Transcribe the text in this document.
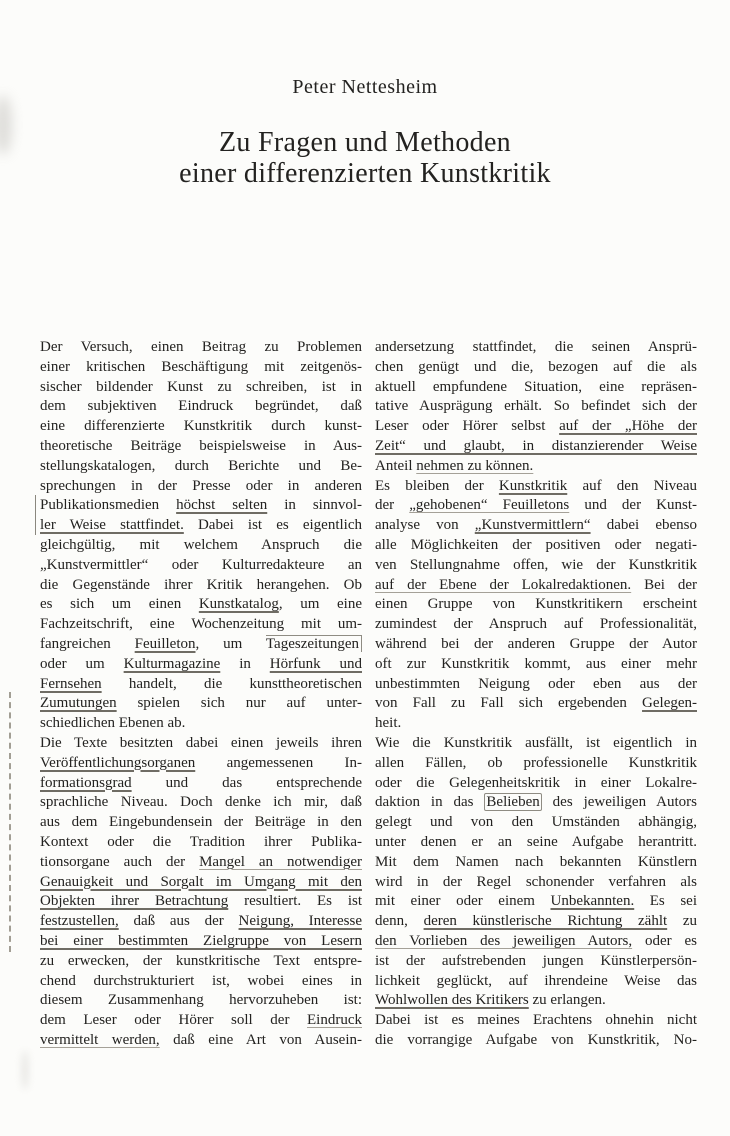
Peter Nettesheim
Zu Fragen und Methoden
einer differenzierten Kunstkritik
Der Versuch, einen Beitrag zu Problemen
einer kritischen Beschäftigung mit zeitgenös-
sischer bildender Kunst zu schreiben, ist in
dem subjektiven Eindruck begründet, daß
eine differenzierte Kunstkritik durch kunst-
theoretische Beiträge beispielsweise in Aus-
stellungskatalogen, durch Berichte und Be-
sprechungen in der Presse oder in anderen
Publikationsmedien höchst selten in sinnvol-
ler Weise stattfindet. Dabei ist es eigentlich
gleichgültig, mit welchem Anspruch die
„Kunstvermittler“ oder Kulturredakteure an
die Gegenstände ihrer Kritik herangehen. Ob
es sich um einen Kunstkatalog, um eine
Fachzeitschrift, eine Wochenzeitung mit um-
fangreichen Feuilleton, um Tageszeitungen
oder um Kulturmagazine in Hörfunk und
Fernsehen handelt, die kunsttheoretischen
Zumutungen spielen sich nur auf unter-
schiedlichen Ebenen ab.
Die Texte besitzten dabei einen jeweils ihren
Veröffentlichungsorganen angemessenen In-
formationsgrad und das entsprechende
sprachliche Niveau. Doch denke ich mir, daß
aus dem Eingebundensein der Beiträge in den
Kontext oder die Tradition ihrer Publika-
tionsorgane auch der Mangel an notwendiger
Genauigkeit und Sorgalt im Umgang mit den
Objekten ihrer Betrachtung resultiert. Es ist
festzustellen, daß aus der Neigung, Interesse
bei einer bestimmten Zielgruppe von Lesern
zu erwecken, der kunstkritische Text entspre-
chend durchstrukturiert ist, wobei eines in
diesem Zusammenhang hervorzuheben ist:
dem Leser oder Hörer soll der Eindruck
vermittelt werden, daß eine Art von Ausein-
andersetzung stattfindet, die seinen Ansprü-
chen genügt und die, bezogen auf die als
aktuell empfundene Situation, eine repräsen-
tative Ausprägung erhält. So befindet sich der
Leser oder Hörer selbst auf der „Höhe der
Zeit“ und glaubt, in distanzierender Weise
Anteil nehmen zu können.
Es bleiben der Kunstkritik auf den Niveau
der „gehobenen“ Feuilletons und der Kunst-
analyse von „Kunstvermittlern“ dabei ebenso
alle Möglichkeiten der positiven oder negati-
ven Stellungnahme offen, wie der Kunstkritik
auf der Ebene der Lokalredaktionen. Bei der
einen Gruppe von Kunstkritikern erscheint
zumindest der Anspruch auf Professionalität,
während bei der anderen Gruppe der Autor
oft zur Kunstkritik kommt, aus einer mehr
unbestimmten Neigung oder eben aus der
von Fall zu Fall sich ergebenden Gelegen-
heit.
Wie die Kunstkritik ausfällt, ist eigentlich in
allen Fällen, ob professionelle Kunstkritik
oder die Gelegenheitskritik in einer Lokalre-
daktion in das Belieben des jeweiligen Autors
gelegt und von den Umständen abhängig,
unter denen er an seine Aufgabe herantritt.
Mit dem Namen nach bekannten Künstlern
wird in der Regel schonender verfahren als
mit einer oder einem Unbekannten. Es sei
denn, deren künstlerische Richtung zählt zu
den Vorlieben des jeweiligen Autors, oder es
ist der aufstrebenden jungen Künstlerpersön-
lichkeit geglückt, auf ihrendeine Weise das
Wohlwollen des Kritikers zu erlangen.
Dabei ist es meines Erachtens ohnehin nicht
die vorrangige Aufgabe von Kunstkritik, No-
